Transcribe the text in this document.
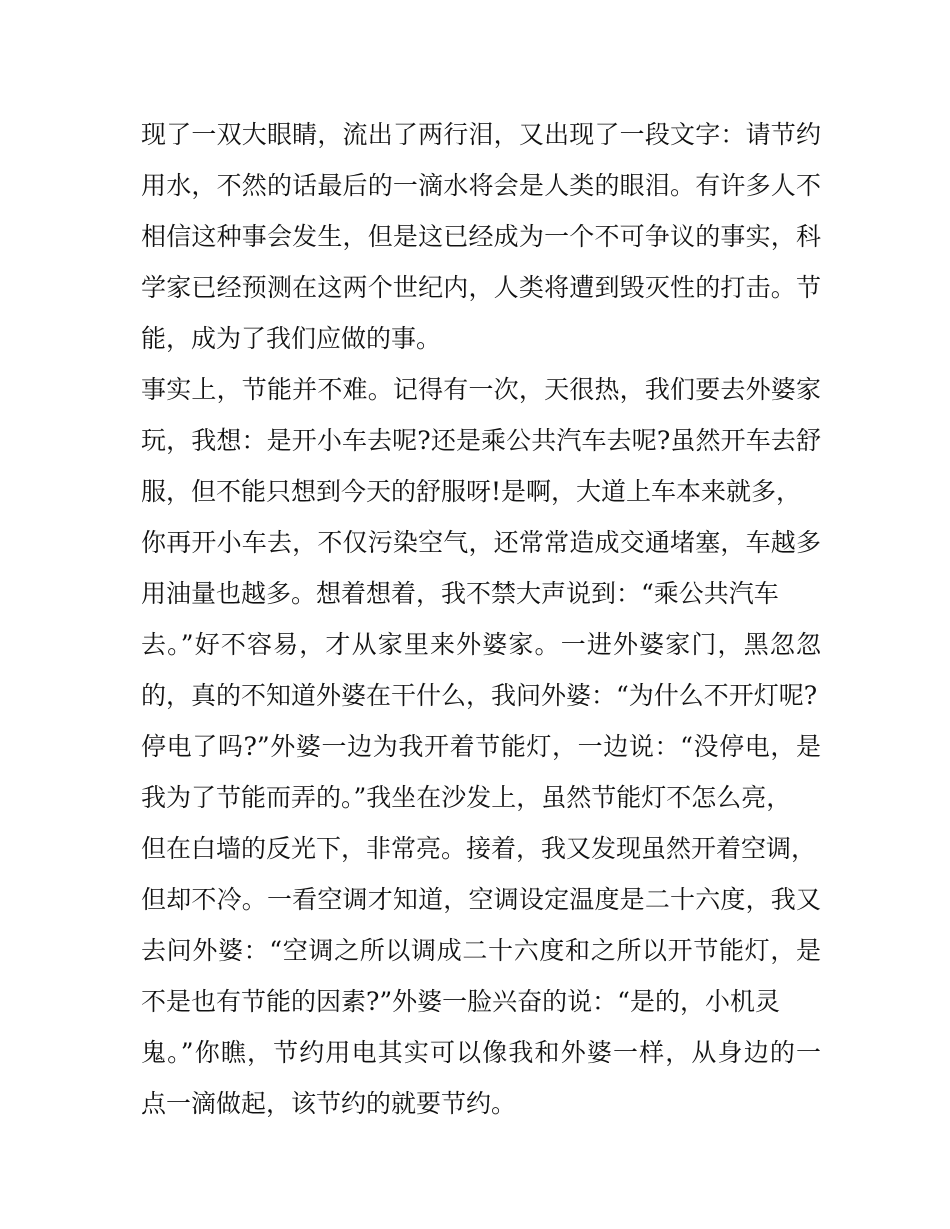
现了一双大眼睛，流出了两行泪，又出现了一段文字：请节约
用水，不然的话最后的一滴水将会是人类的眼泪。有许多人不
相信这种事会发生，但是这已经成为一个不可争议的事实，科
学家已经预测在这两个世纪内，人类将遭到毁灭性的打击。节
能，成为了我们应做的事。
事实上，节能并不难。记得有一次，天很热，我们要去外婆家
玩，我想：是开小车去呢?还是乘公共汽车去呢?虽然开车去舒
服，但不能只想到今天的舒服呀!是啊，大道上车本来就多，
你再开小车去，不仅污染空气，还常常造成交通堵塞，车越多
用油量也越多。想着想着，我不禁大声说到：“乘公共汽车
去。”好不容易，才从家里来外婆家。一进外婆家门，黑忽忽
的，真的不知道外婆在干什么，我问外婆：“为什么不开灯呢?
停电了吗?”外婆一边为我开着节能灯，一边说：“没停电，是
我为了节能而弄的。”我坐在沙发上，虽然节能灯不怎么亮，
但在白墙的反光下，非常亮。接着，我又发现虽然开着空调，
但却不冷。一看空调才知道，空调设定温度是二十六度，我又
去问外婆：“空调之所以调成二十六度和之所以开节能灯，是
不是也有节能的因素?”外婆一脸兴奋的说：“是的，小机灵
鬼。”你瞧，节约用电其实可以像我和外婆一样，从身边的一
点一滴做起，该节约的就要节约。
